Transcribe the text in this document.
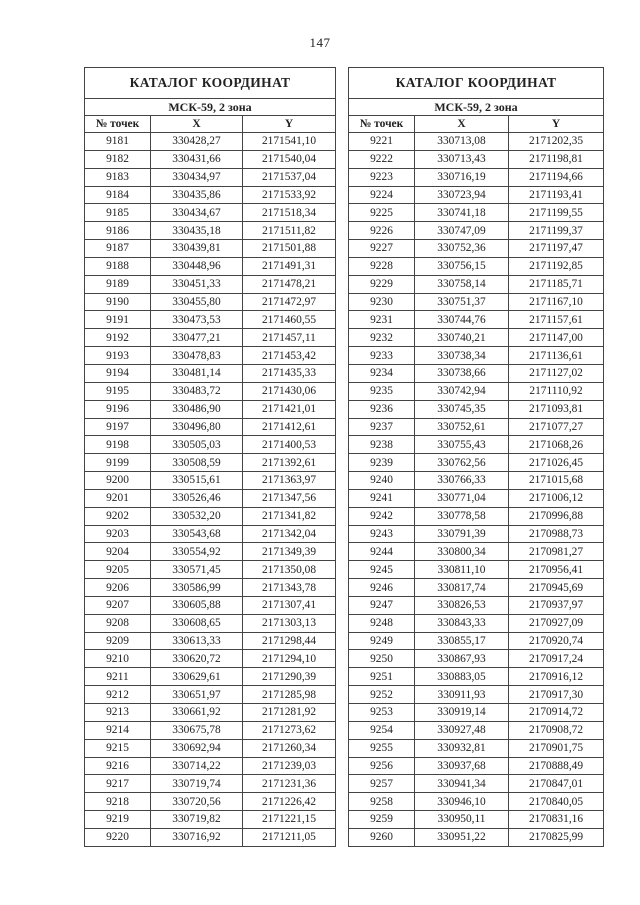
147
КАТАЛОГ КООРДИНАТ		
МСК-59, 2 зона		
№ точек	X	Y
9181	330428,27	2171541,10
9182	330431,66	2171540,04
9183	330434,97	2171537,04
9184	330435,86	2171533,92
9185	330434,67	2171518,34
9186	330435,18	2171511,82
9187	330439,81	2171501,88
9188	330448,96	2171491,31
9189	330451,33	2171478,21
9190	330455,80	2171472,97
9191	330473,53	2171460,55
9192	330477,21	2171457,11
9193	330478,83	2171453,42
9194	330481,14	2171435,33
9195	330483,72	2171430,06
9196	330486,90	2171421,01
9197	330496,80	2171412,61
9198	330505,03	2171400,53
9199	330508,59	2171392,61
9200	330515,61	2171363,97
9201	330526,46	2171347,56
9202	330532,20	2171341,82
9203	330543,68	2171342,04
9204	330554,92	2171349,39
9205	330571,45	2171350,08
9206	330586,99	2171343,78
9207	330605,88	2171307,41
9208	330608,65	2171303,13
9209	330613,33	2171298,44
9210	330620,72	2171294,10
9211	330629,61	2171290,39
9212	330651,97	2171285,98
9213	330661,92	2171281,92
9214	330675,78	2171273,62
9215	330692,94	2171260,34
9216	330714,22	2171239,03
9217	330719,74	2171231,36
9218	330720,56	2171226,42
9219	330719,82	2171221,15
9220	330716,92	2171211,05
КАТАЛОГ КООРДИНАТ		
МСК-59, 2 зона		
№ точек	X	Y
9221	330713,08	2171202,35
9222	330713,43	2171198,81
9223	330716,19	2171194,66
9224	330723,94	2171193,41
9225	330741,18	2171199,55
9226	330747,09	2171199,37
9227	330752,36	2171197,47
9228	330756,15	2171192,85
9229	330758,14	2171185,71
9230	330751,37	2171167,10
9231	330744,76	2171157,61
9232	330740,21	2171147,00
9233	330738,34	2171136,61
9234	330738,66	2171127,02
9235	330742,94	2171110,92
9236	330745,35	2171093,81
9237	330752,61	2171077,27
9238	330755,43	2171068,26
9239	330762,56	2171026,45
9240	330766,33	2171015,68
9241	330771,04	2171006,12
9242	330778,58	2170996,88
9243	330791,39	2170988,73
9244	330800,34	2170981,27
9245	330811,10	2170956,41
9246	330817,74	2170945,69
9247	330826,53	2170937,97
9248	330843,33	2170927,09
9249	330855,17	2170920,74
9250	330867,93	2170917,24
9251	330883,05	2170916,12
9252	330911,93	2170917,30
9253	330919,14	2170914,72
9254	330927,48	2170908,72
9255	330932,81	2170901,75
9256	330937,68	2170888,49
9257	330941,34	2170847,01
9258	330946,10	2170840,05
9259	330950,11	2170831,16
9260	330951,22	2170825,99
